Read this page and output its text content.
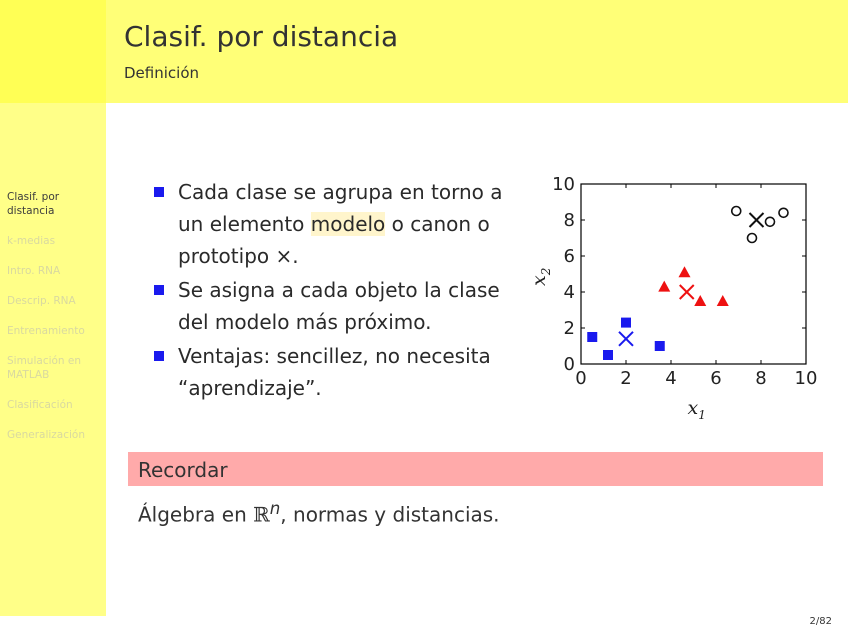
Clasif. por distancia
k-medias
Intro. RNA
Descrip. RNA
Entrenamiento
Simulación en MATLAB
Clasificación
Generalización
Clasif. por distancia
Definición
Cada clase se agrupa en torno a un elemento modelo o canon o prototipo ×.
Se asigna a cada objeto la clase del modelo más próximo.
Ventajas: sencillez, no necesita “aprendizaje”.	0 2 4 6 8 10
0
2
4
6
8
10
$x_1$
$x_2$
Recordar
Álgebra en ℝ$^n$, normas y distancias.
2/82
